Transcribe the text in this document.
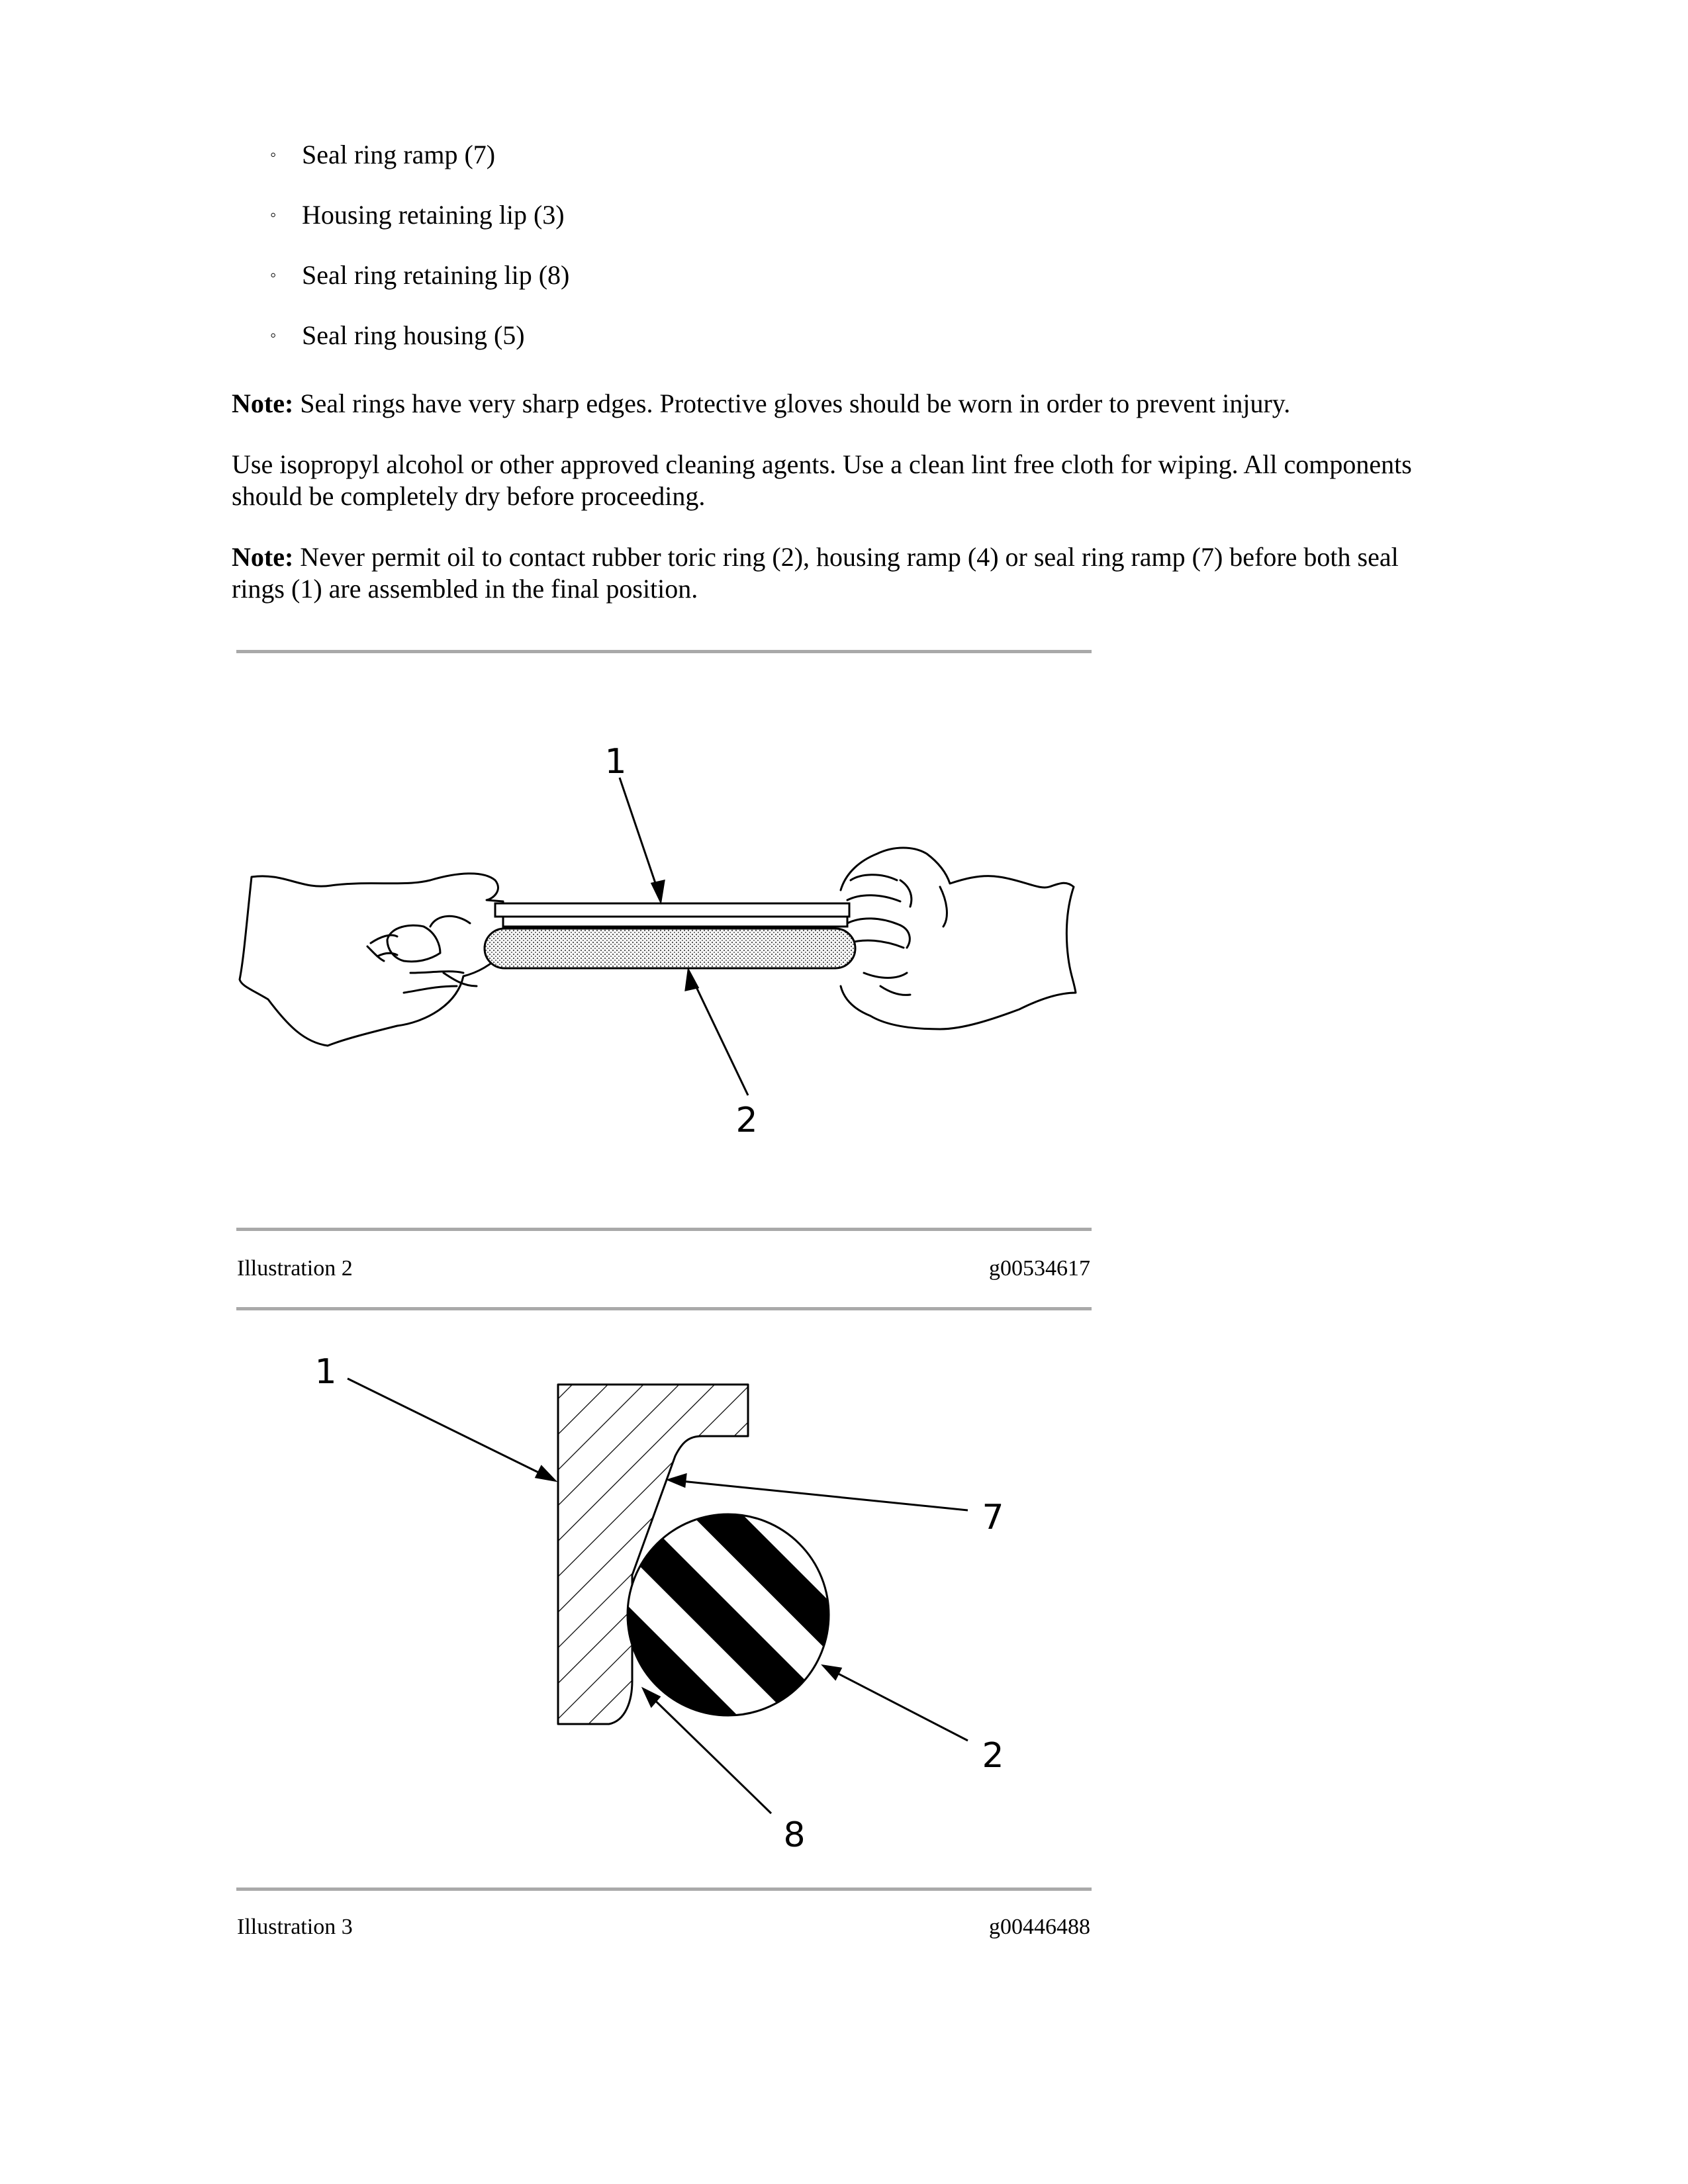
◦ Seal ring ramp (7)
◦ Housing retaining lip (3)
◦ Seal ring retaining lip (8)
◦ Seal ring housing (5)

Note: Seal rings have very sharp edges. Protective gloves should be worn in order to prevent injury.

Use isopropyl alcohol or other approved cleaning agents. Use a clean lint free cloth for wiping. All components
should be completely dry before proceeding.

Note: Never permit oil to contact rubber toric ring (2), housing ramp (4) or seal ring ramp (7) before both seal
rings (1) are assembled in the final position.

1
2
Illustration 2	g00534617
1
7
2
8
Illustration 3	g00446488
